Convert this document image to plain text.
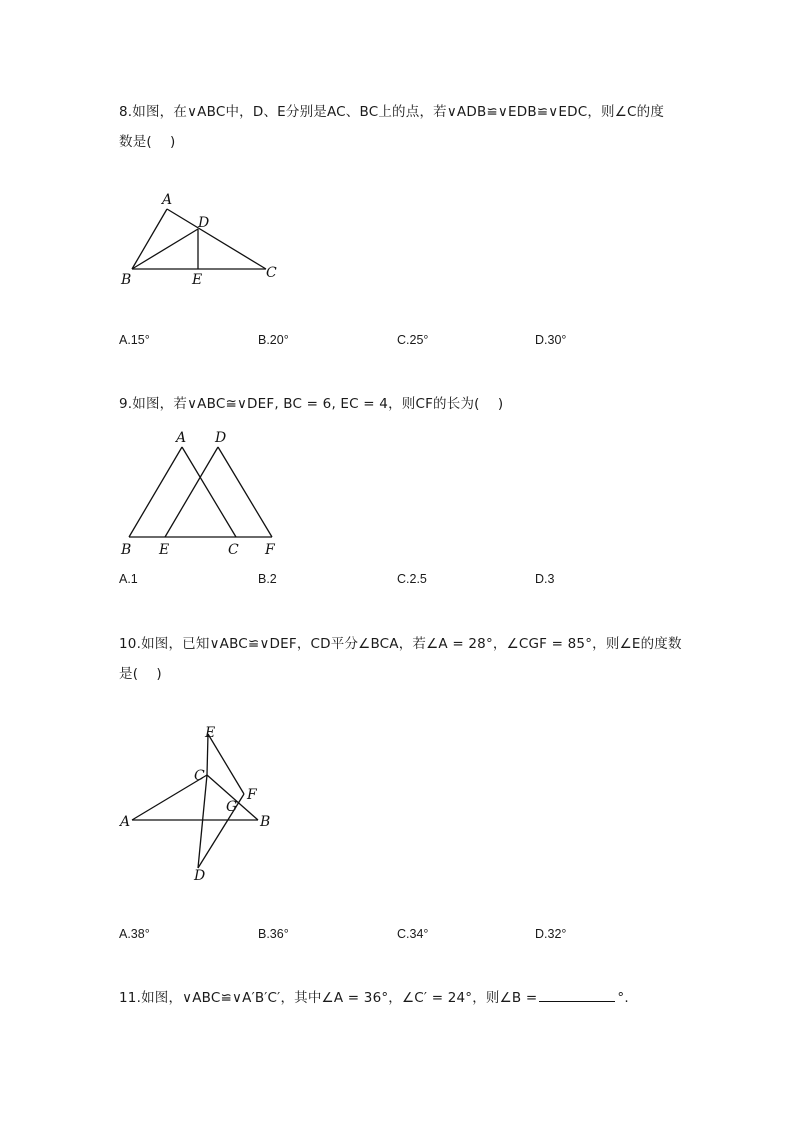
8.如图，在∨ABC中，D、E分别是AC、BC上的点，若∨ADB≌∨EDB≌∨EDC，则∠C的度
数是(　 )
A
D
B	E	C
A.15°	B.20°	C.25°	D.30°
9.如图，若∨ABC≅∨DEF, BC = 6, EC = 4，则CF的长为(　 )
A D
B E	C F
A.1	B.2	C.2.5	D.3
10.如图，已知∨ABC≌∨DEF，CD平分∠BCA，若∠A = 28°，∠CGF = 85°，则∠E的度数
是(　 )
E
C
F
G
A	B
D
A.38°	B.36°	C.34°	D.32°
11.如图，∨ABC≌∨A′B′C′，其中∠A = 36°，∠C′ = 24°，则∠B =	°.
